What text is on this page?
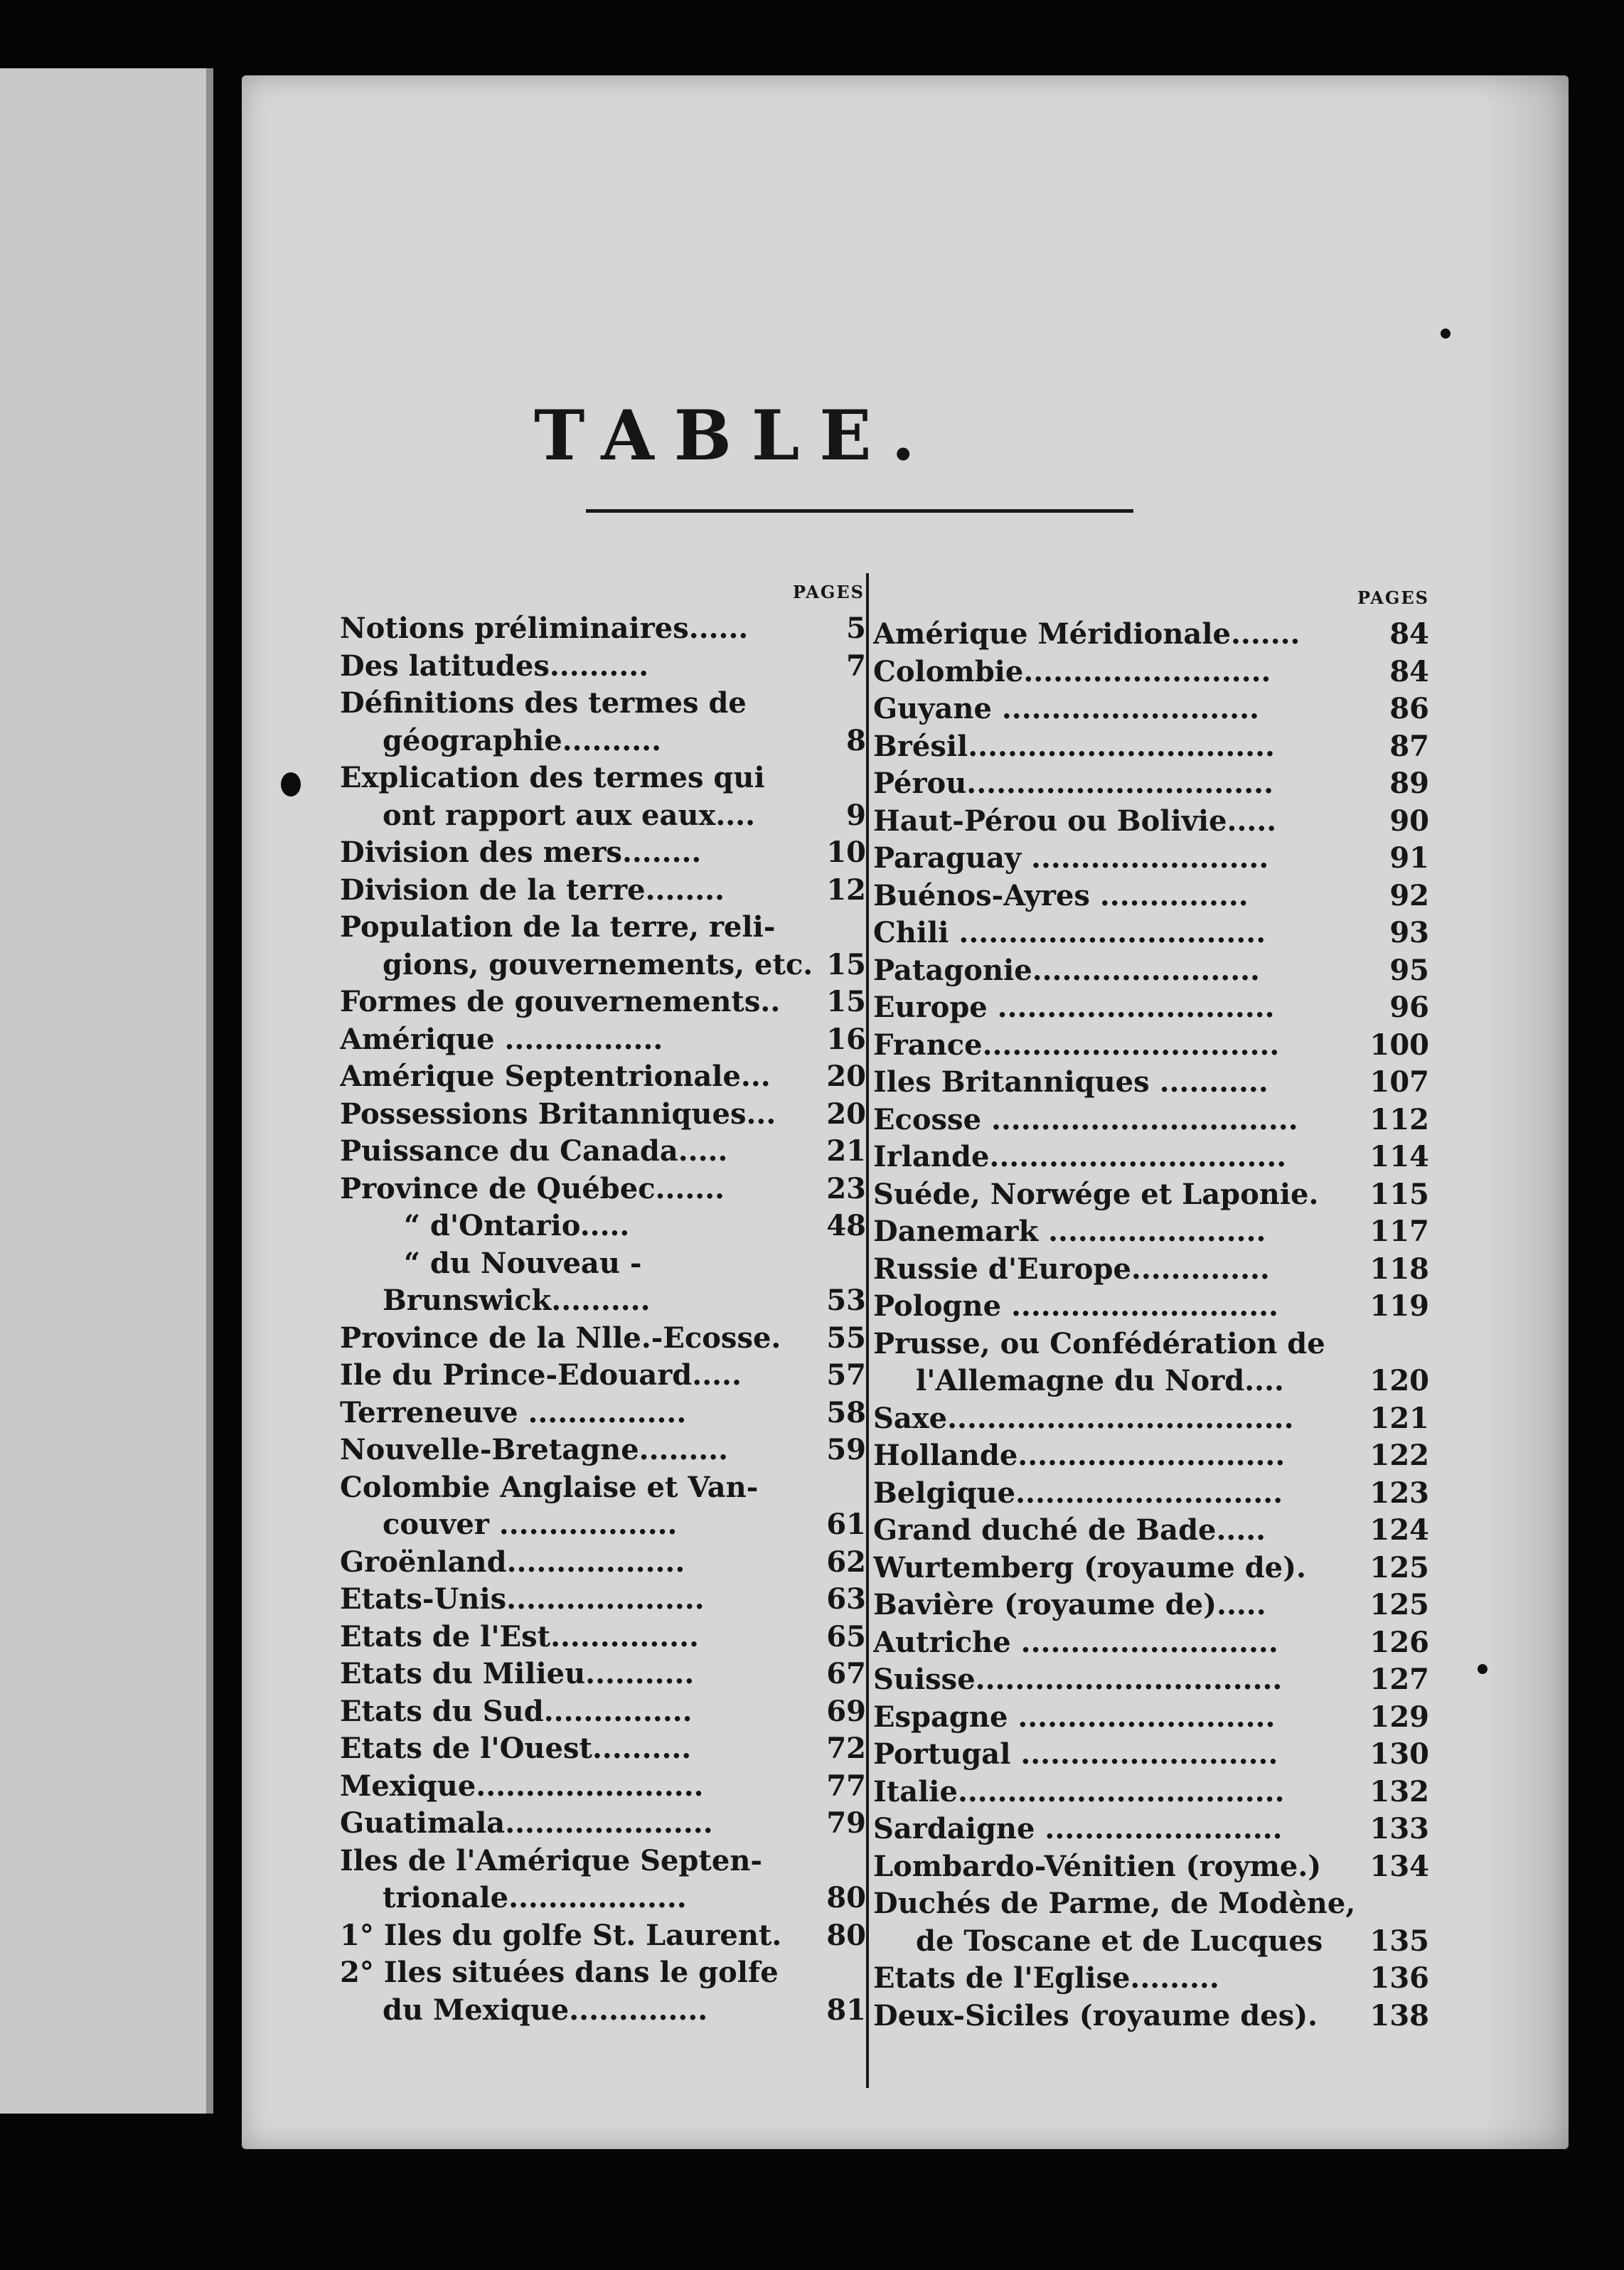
TABLE.
PAGES
Notions préliminaires......	5
Des latitudes..........	7
Définitions des termes de
géographie..........	8
Explication des termes qui
ont rapport aux eaux....	9
Division des mers........	10
Division de la terre........	12
Population de la terre, reli-
gions, gouvernements, etc. 15
Formes de gouvernements..	15
Amérique ................	16
Amérique Septentrionale...	20
Possessions Britanniques...	20
Puissance du Canada.....	21
Province de Québec.......	23
“ d'Ontario.....	48
“ du Nouveau -
Brunswick..........	53
Province de la Nlle.-Ecosse.	55
Ile du Prince-Edouard.....	57
Terreneuve ................	58
Nouvelle-Bretagne.........	59
Colombie Anglaise et Van-
couver ..................	61
Groënland..................	62
Etats-Unis....................	63
Etats de l'Est...............	65
Etats du Milieu...........	67
Etats du Sud...............	69
Etats de l'Ouest..........	72
Mexique.......................	77
Guatimala.....................	79
Iles de l'Amérique Septen-
trionale..................	80
1° Iles du golfe St. Laurent.	80
2° Iles situées dans le golfe
du Mexique..............	81
PAGES
Amérique Méridionale.......	84
Colombie.........................	84
Guyane ..........................	86
Brésil...............................	87
Pérou...............................	89
Haut-Pérou ou Bolivie.....	90
Paraguay ........................	91
Buénos-Ayres ...............	92
Chili ...............................	93
Patagonie.......................	95
Europe ............................	96
France..............................	100
Iles Britanniques ...........	107
Ecosse ...............................	112
Irlande..............................	114
Suéde, Norwége et Laponie.	115
Danemark ......................	117
Russie d'Europe..............	118
Pologne ...........................	119
Prusse, ou Confédération de
l'Allemagne du Nord....	120
Saxe...................................	121
Hollande...........................	122
Belgique...........................	123
Grand duché de Bade.....	124
Wurtemberg (royaume de).	125
Bavière (royaume de).....	125
Autriche ..........................	126
Suisse...............................	127
Espagne ..........................	129
Portugal ..........................	130
Italie.................................	132
Sardaigne ........................	133
Lombardo-Vénitien (royme.)	134
Duchés de Parme, de Modène,
de Toscane et de Lucques	135
Etats de l'Eglise.........	136
Deux-Siciles (royaume des).	138
